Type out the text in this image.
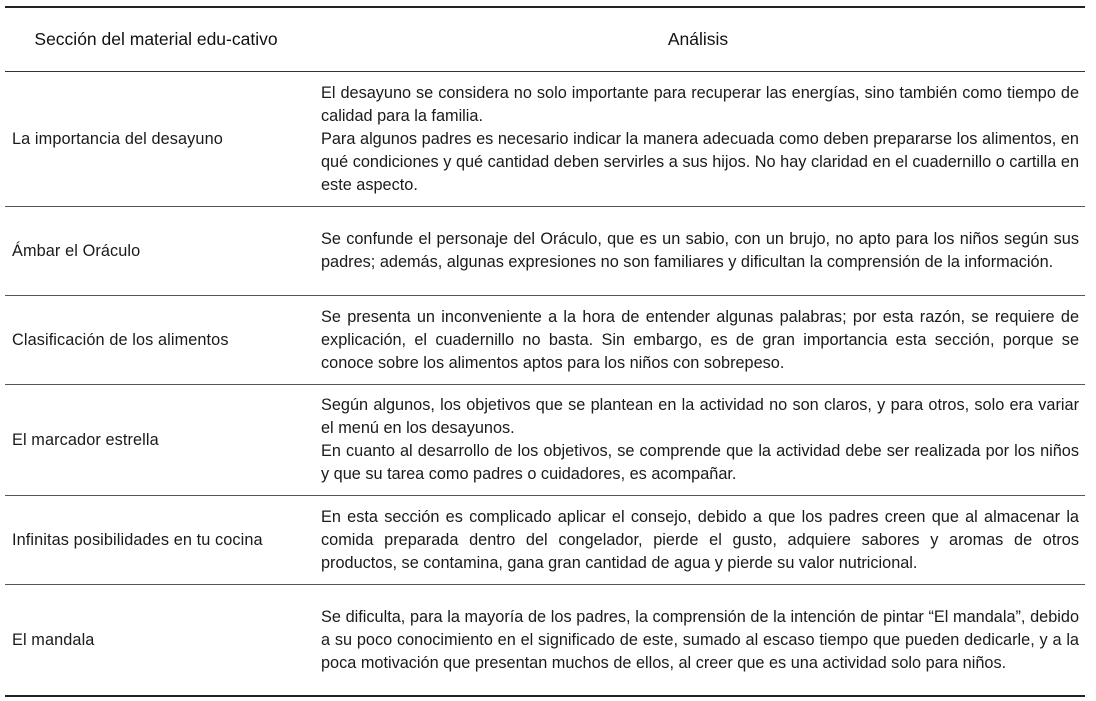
Sección del material edu-cativo	Análisis
La importancia del desayuno	El desayuno se considera no solo importante para recuperar las energías, sino también como tiempo de calidad para la familia.

Para algunos padres es necesario indicar la manera adecuada como deben prepararse los alimentos, en qué condiciones y qué cantidad deben servirles a sus hijos. No hay claridad en el cuadernillo o cartilla en este aspecto.

Ámbar el Oráculo	Se confunde el personaje del Oráculo, que es un sabio, con un brujo, no apto para los niños según sus padres; además, algunas expresiones no son familiares y dificultan la comprensión de la información.

Clasificación de los alimentos	Se presenta un inconveniente a la hora de entender algunas palabras; por esta razón, se requiere de explicación, el cuadernillo no basta. Sin embargo, es de gran importancia esta sección, porque se conoce sobre los alimentos aptos para los niños con sobrepeso.

El marcador estrella	Según algunos, los objetivos que se plantean en la actividad no son claros, y para otros, solo era variar el menú en los desayunos.

En cuanto al desarrollo de los objetivos, se comprende que la actividad debe ser realizada por los niños y que su tarea como padres o cuidadores, es acompañar.

Infinitas posibilidades en tu cocina	En esta sección es complicado aplicar el consejo, debido a que los padres creen que al almacenar la comida preparada dentro del congelador, pierde el gusto, adquiere sabores y aromas de otros productos, se contamina, gana gran cantidad de agua y pierde su valor nutricional.

El mandala	Se dificulta, para la mayoría de los padres, la comprensión de la intención de pintar “El mandala”, debido a su poco conocimiento en el significado de este, sumado al escaso tiempo que pueden dedicarle, y a la poca motivación que presentan muchos de ellos, al creer que es una actividad solo para niños.
